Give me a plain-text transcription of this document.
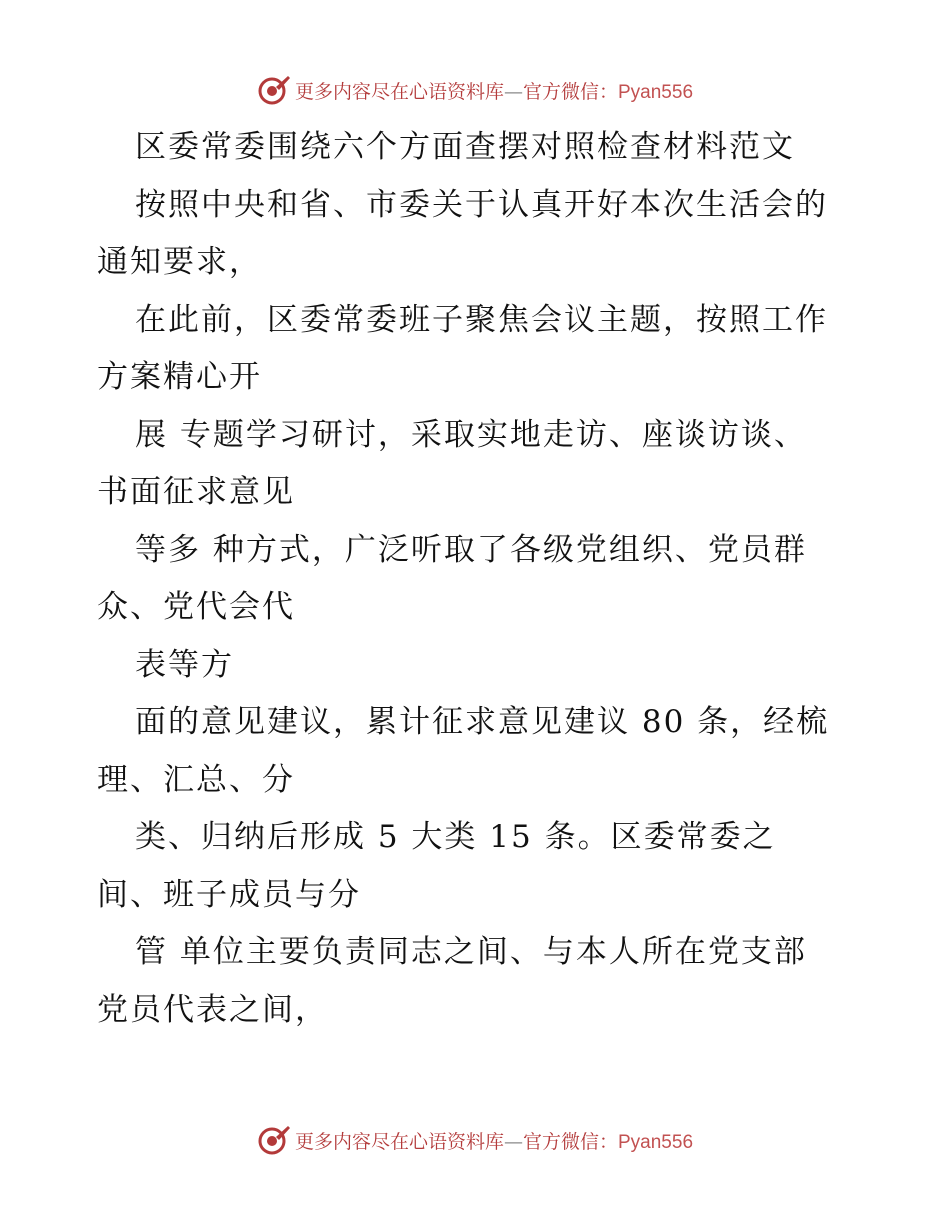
更多内容尽在心语资料库—官方微信：Pyan556
区委常委围绕六个方面查摆对照检查材料范文
按照中央和省、市委关于认真开好本次生活会的
通知要求，
在此前，区委常委班子聚焦会议主题，按照工作
方案精心开
展 专题学习研讨，采取实地走访、座谈访谈、
书面征求意见
等多 种方式，广泛听取了各级党组织、党员群
众、党代会代
表等方
面的意见建议，累计征求意见建议 80 条，经梳
理、汇总、分
类、归纳后形成 5 大类 15 条。区委常委之
间、班子成员与分
管 单位主要负责同志之间、与本人所在党支部
党员代表之间，
更多内容尽在心语资料库—官方微信：Pyan556
